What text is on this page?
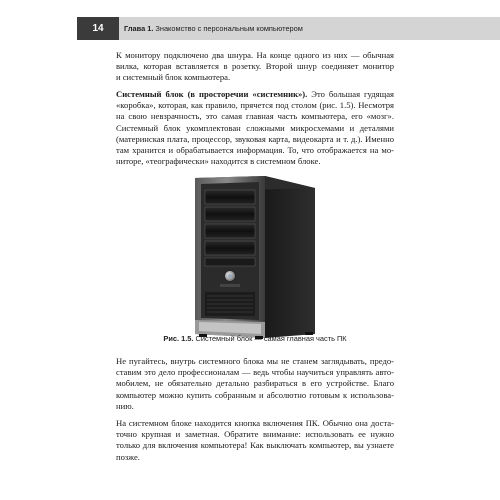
14	Глава 1. Знакомство с персональным компьютером
К монитору подключено два шнура. На конце одного из них — обычная
вилка, которая вставляется в розетку. Второй шнур соединяет монитор
и системный блок компьютера.
Системный блок (в просторечии «системник»). Это большая гудящая
«коробка», которая, как правило, прячется под столом (рис. 1.5). Несмотря
на свою невзрачность, это самая главная часть компьютера, его «мозг».
Системный блок укомплектован сложными микросхемами и деталями
(материнская плата, процессор, звуковая карта, видеокарта и т. д.). Именно
там хранится и обрабатывается информация. То, что отображается на мо-
ниторе, «теографически» находится в системном блоке.
Рис. 1.5. Системный блок — самая главная часть ПК
Не пугайтесь, внутрь системного блока мы не станем заглядывать, предо-
ставим это дело профессионалам — ведь чтобы научиться управлять авто-
мобилем, не обязательно детально разбираться в его устройстве. Благо
компьютер можно купить собранным и абсолютно готовым к использова-
нию.
На системном блоке находится кнопка включения ПК. Обычно она доста-
точно крупная и заметная. Обратите внимание: использовать ее нужно
только для включения компьютера! Как выключать компьютер, вы узнаете
позже.
